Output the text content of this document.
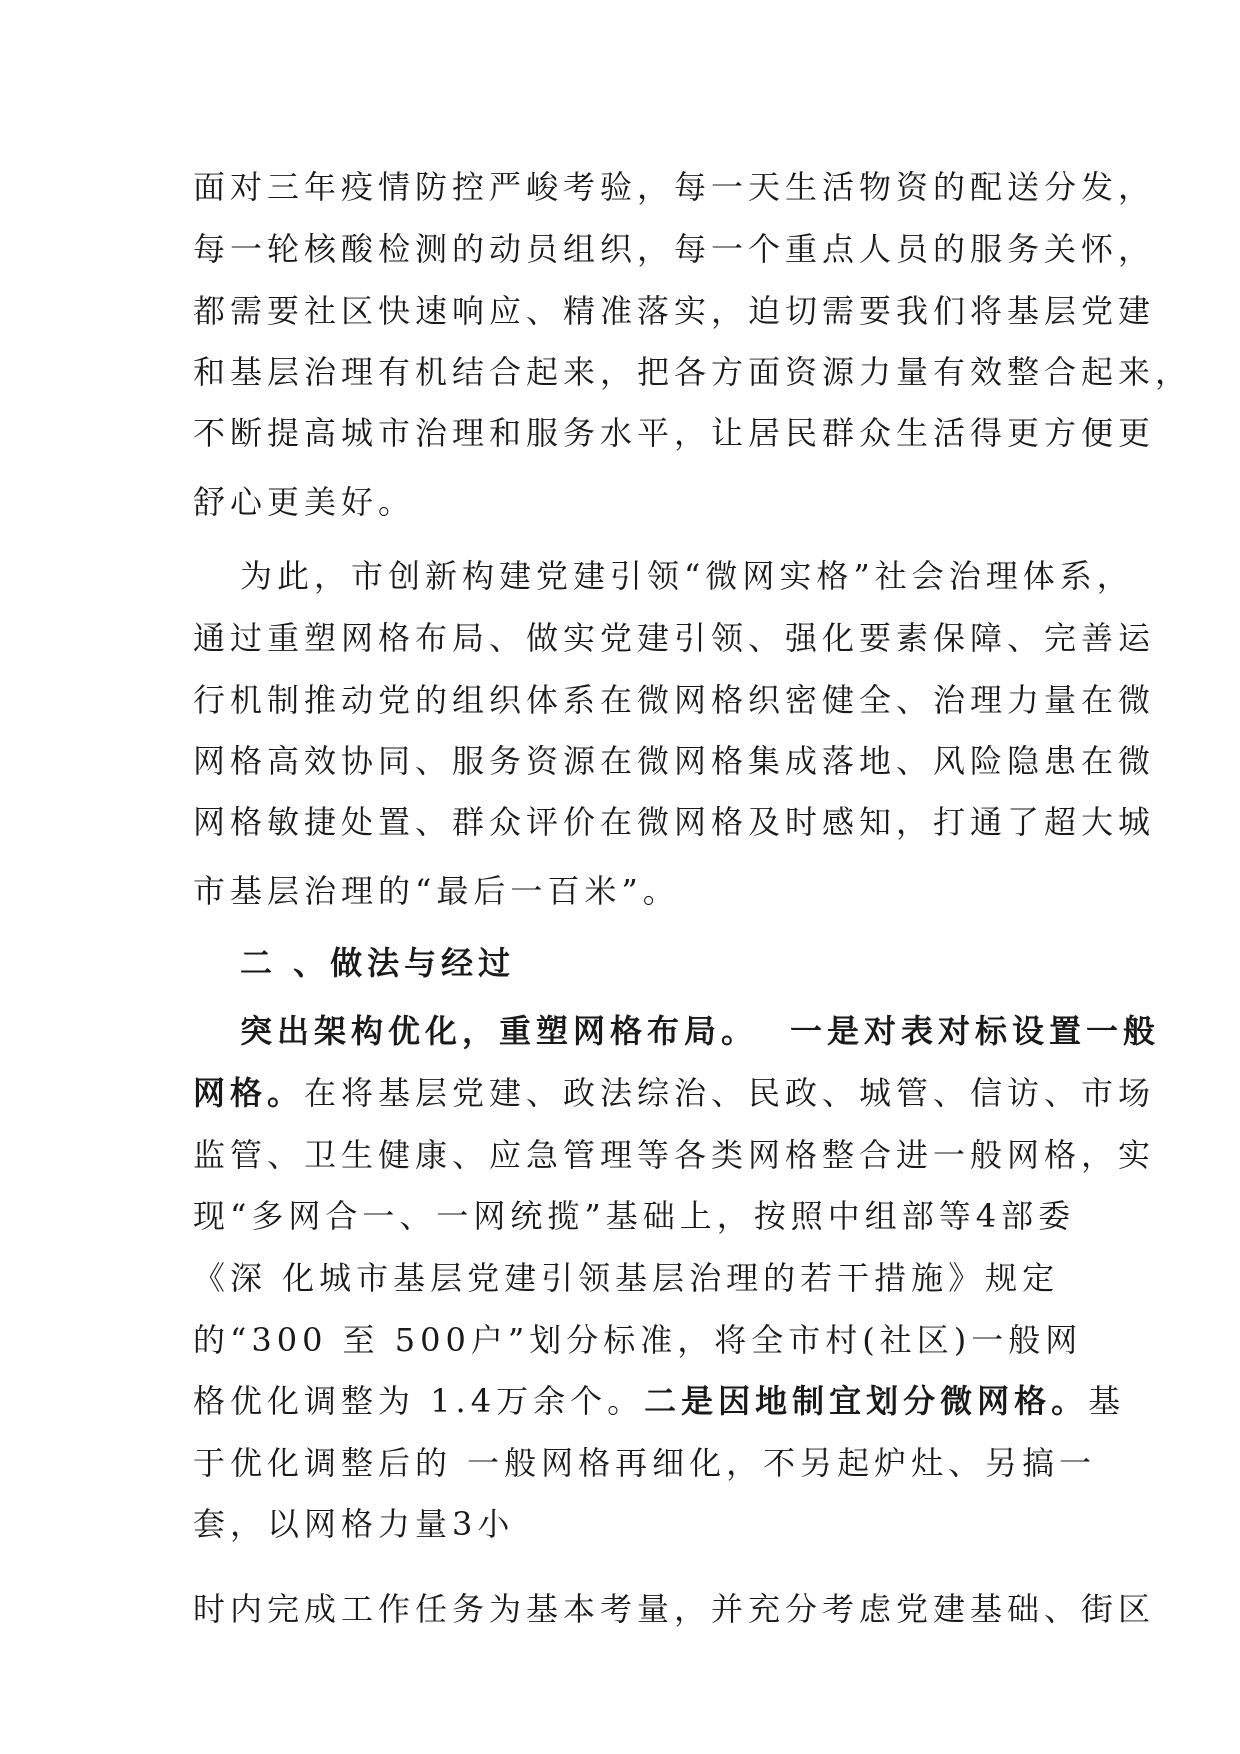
面对三年疫情防控严峻考验，每一天生活物资的配送分发，
每一轮核酸检测的动员组织，每一个重点人员的服务关怀，
都需要社区快速响应、精准落实，迫切需要我们将基层党建
和基层治理有机结合起来，把各方面资源力量有效整合起来，
不断提高城市治理和服务水平，让居民群众生活得更方便更
舒心更美好。
为此，市创新构建党建引领“微网实格”社会治理体系，
通过重塑网格布局、做实党建引领、强化要素保障、完善运
行机制推动党的组织体系在微网格织密健全、治理力量在微
网格高效协同、服务资源在微网格集成落地、风险隐患在微
网格敏捷处置、群众评价在微网格及时感知，打通了超大城
市基层治理的“最后一百米”。
二 、做法与经过
突出架构优化，重塑网格布局。 一是对表对标设置一般
网格。在将基层党建、政法综治、民政、城管、信访、市场
监管、卫生健康、应急管理等各类网格整合进一般网格，实
现“多网合一、一网统揽”基础上，按照中组部等4部委
《深 化城市基层党建引领基层治理的若干措施》规定
的“300 至 500户”划分标准，将全市村(社区)一般网
格优化调整为 1.4万余个。二是因地制宜划分微网格。基
于优化调整后的 一般网格再细化，不另起炉灶、另搞一
套，以网格力量3小
时内完成工作任务为基本考量，并充分考虑党建基础、街区
